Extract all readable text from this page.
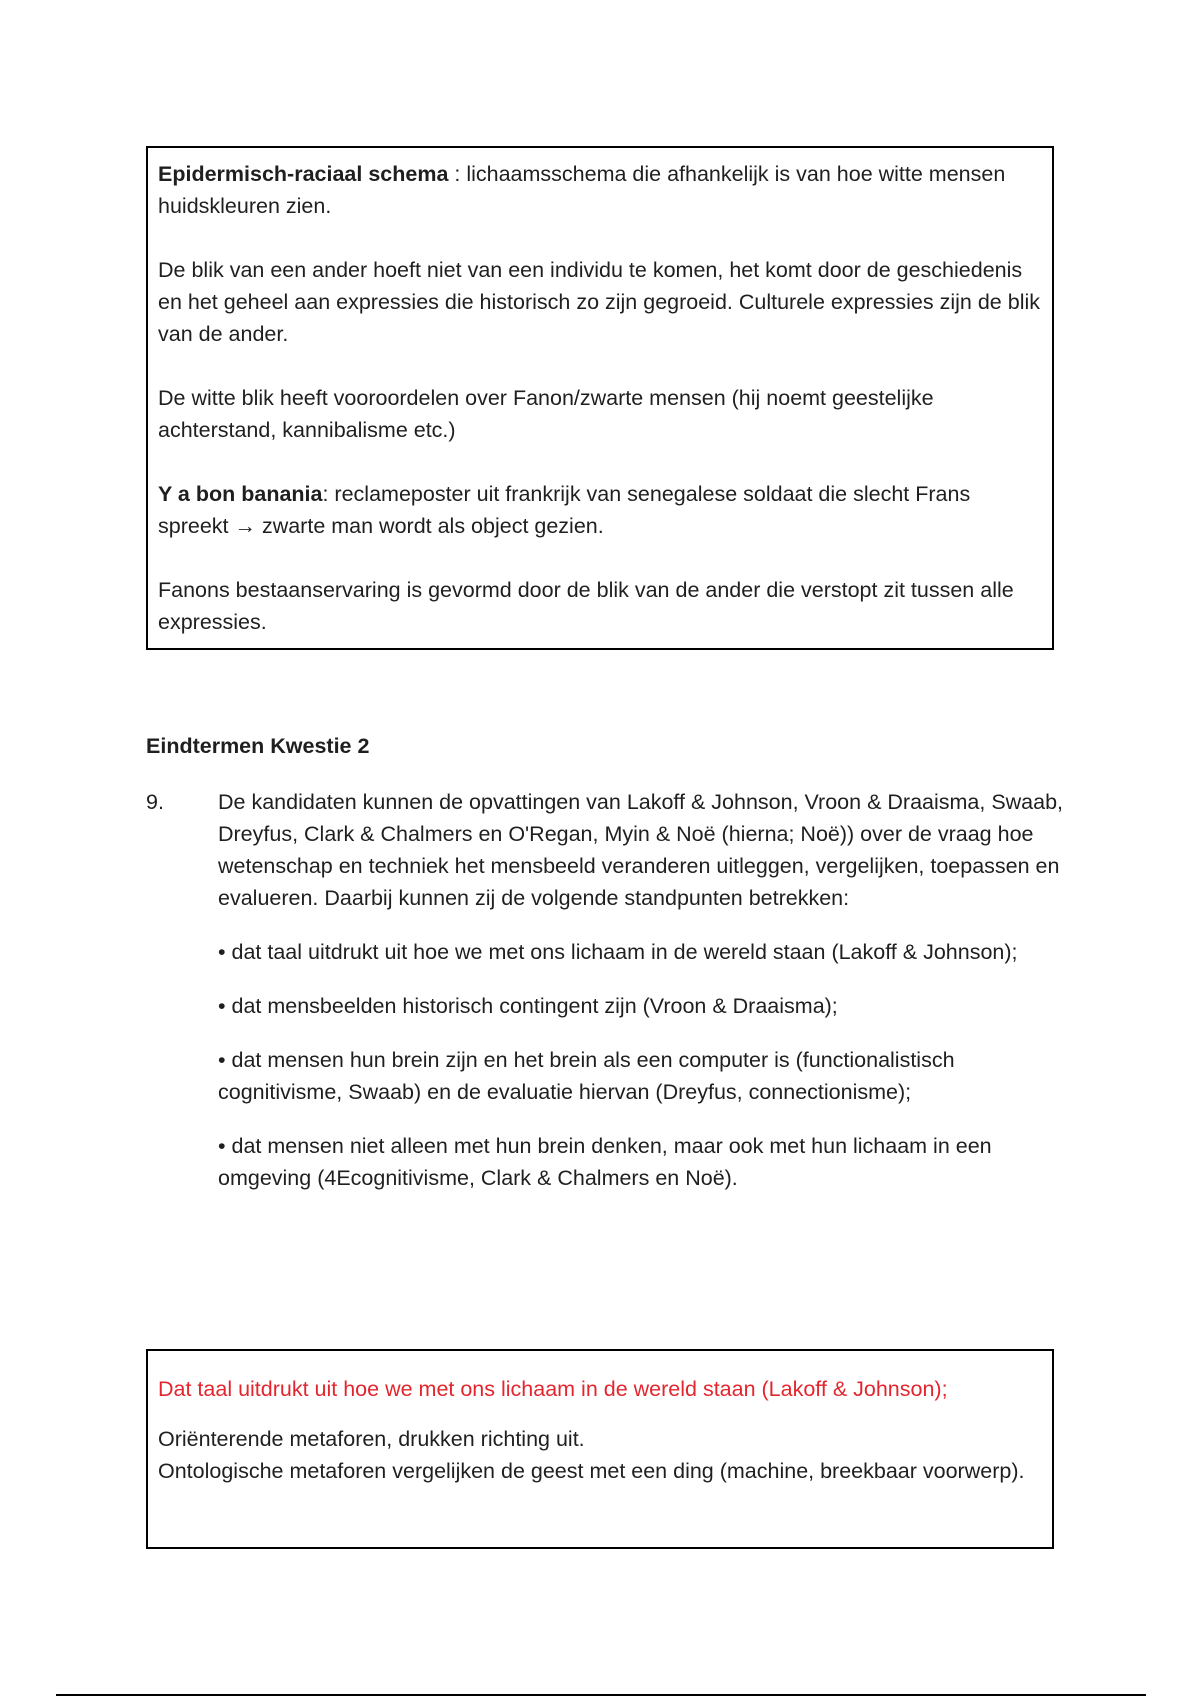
Epidermisch-raciaal schema : lichaamsschema die afhankelijk is van hoe witte mensen huidskleuren zien.

De blik van een ander hoeft niet van een individu te komen, het komt door de geschiedenis en het geheel aan expressies die historisch zo zijn gegroeid. Culturele expressies zijn de blik van de ander.

De witte blik heeft vooroordelen over Fanon/zwarte mensen (hij noemt geestelijke achterstand, kannibalisme etc.)

Y a bon banania: reclameposter uit frankrijk van senegalese soldaat die slecht Frans spreekt → zwarte man wordt als object gezien.

Fanons bestaanservaring is gevormd door de blik van de ander die verstopt zit tussen alle expressies.

Eindtermen Kwestie 2
9.	De kandidaten kunnen de opvattingen van Lakoff & Johnson, Vroon & Draaisma, Swaab, Dreyfus, Clark & Chalmers en O'Regan, Myin & Noë (hierna; Noë)) over de vraag hoe wetenschap en techniek het mensbeeld veranderen uitleggen, vergelijken, toepassen en evalueren. Daarbij kunnen zij de volgende standpunten betrekken:

• dat taal uitdrukt uit hoe we met ons lichaam in de wereld staan (Lakoff & Johnson);

• dat mensbeelden historisch contingent zijn (Vroon & Draaisma);

• dat mensen hun brein zijn en het brein als een computer is (functionalistisch cognitivisme, Swaab) en de evaluatie hiervan (Dreyfus, connectionisme);

• dat mensen niet alleen met hun brein denken, maar ook met hun lichaam in een omgeving (4Ecognitivisme, Clark & Chalmers en Noë).

Dat taal uitdrukt uit hoe we met ons lichaam in de wereld staan (Lakoff & Johnson);

Oriënterende metaforen, drukken richting uit.
Ontologische metaforen vergelijken de geest met een ding (machine, breekbaar voorwerp).
